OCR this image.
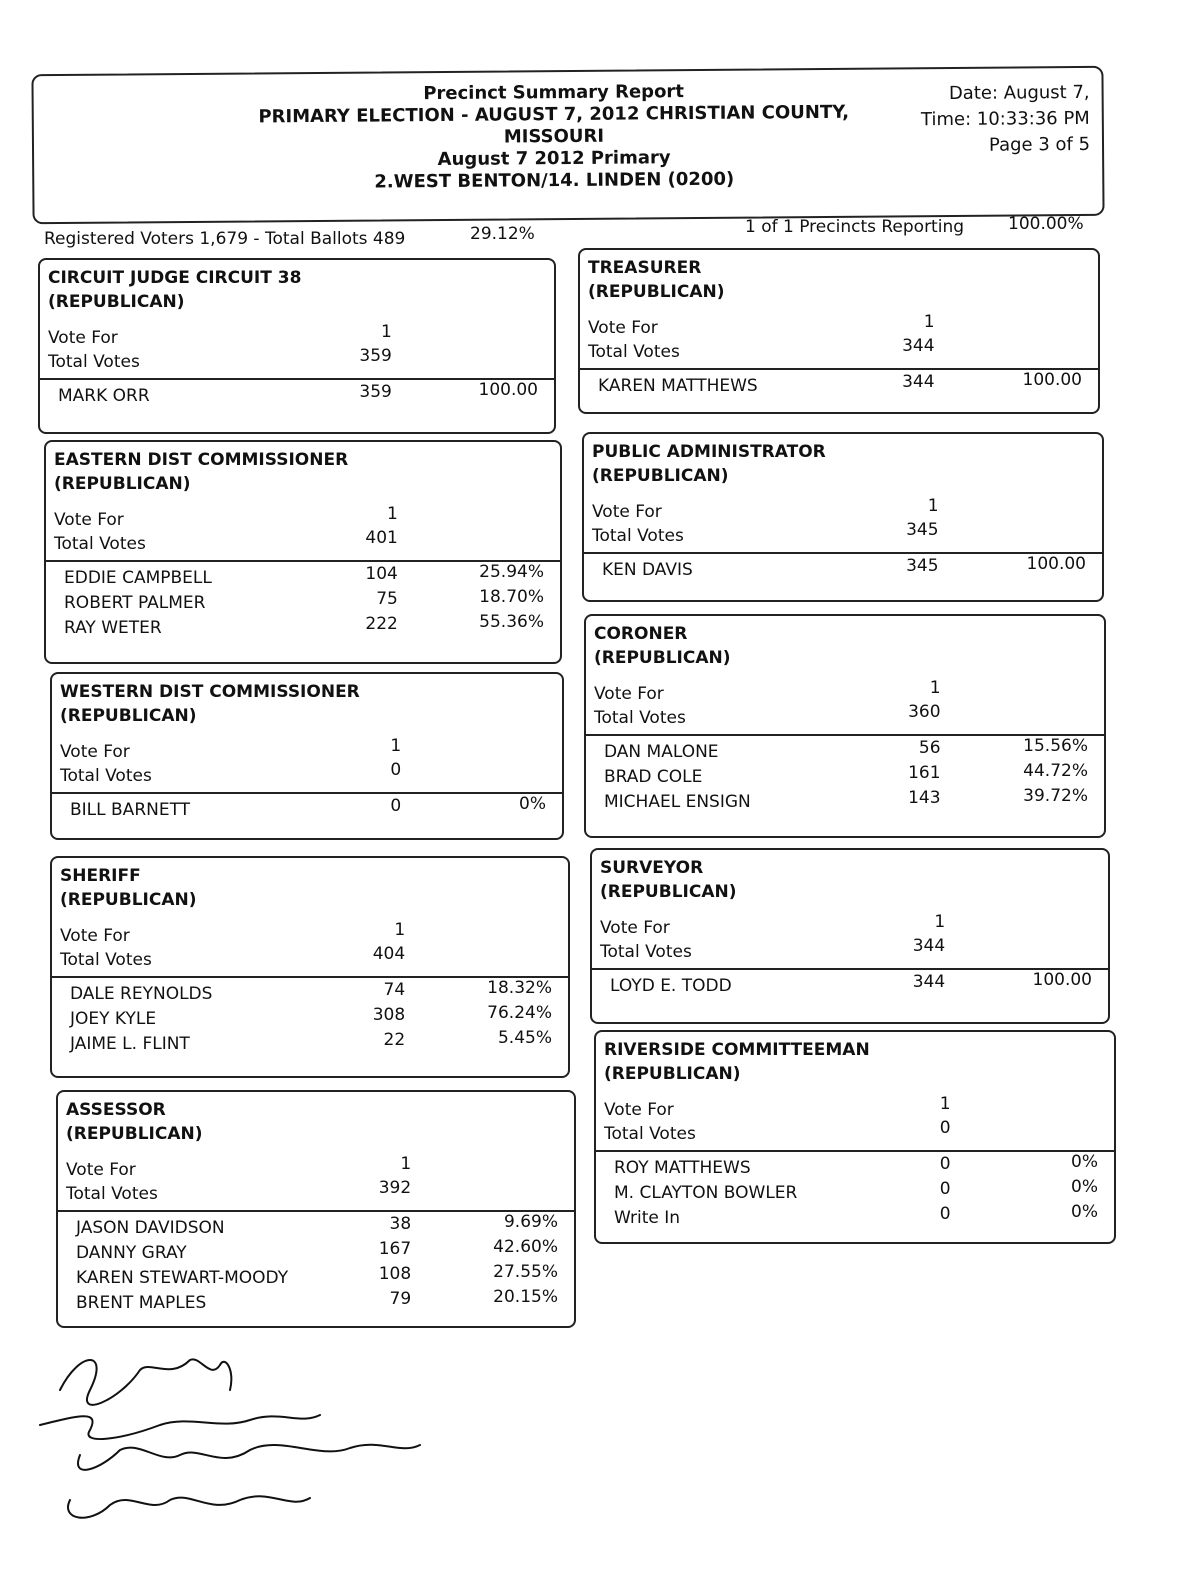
Precinct Summary Report
PRIMARY ELECTION - AUGUST 7, 2012 CHRISTIAN COUNTY,
MISSOURI
August 7 2012 Primary
2.WEST BENTON/14. LINDEN (0200)
Date: August 7,
Time: 10:33:36 PM
Page 3 of 5
Registered Voters 1,679 - Total Ballots 489	29.12%	1 of 1 Precincts Reporting	100.00%
CIRCUIT JUDGE CIRCUIT 38
(REPUBLICAN)
Vote For	1
Total Votes	359
MARK ORR	359	100.00
EASTERN DIST COMMISSIONER
(REPUBLICAN)
Vote For	1
Total Votes	401
EDDIE CAMPBELL	104	25.94%
ROBERT PALMER	75	18.70%
RAY WETER	222	55.36%
WESTERN DIST COMMISSIONER
(REPUBLICAN)
Vote For	1
Total Votes	0
BILL BARNETT	0	0%
SHERIFF
(REPUBLICAN)
Vote For	1
Total Votes	404
DALE REYNOLDS	74	18.32%
JOEY KYLE	308	76.24%
JAIME L. FLINT	22	5.45%
ASSESSOR
(REPUBLICAN)
Vote For	1
Total Votes	392
JASON DAVIDSON	38	9.69%
DANNY GRAY	167	42.60%
KAREN STEWART-MOODY	108	27.55%
BRENT MAPLES	79	20.15%
TREASURER
(REPUBLICAN)
Vote For	1
Total Votes	344
KAREN MATTHEWS	344	100.00
PUBLIC ADMINISTRATOR
(REPUBLICAN)
Vote For	1
Total Votes	345
KEN DAVIS	345	100.00
CORONER
(REPUBLICAN)
Vote For	1
Total Votes	360
DAN MALONE	56	15.56%
BRAD COLE	161	44.72%
MICHAEL ENSIGN	143	39.72%
SURVEYOR
(REPUBLICAN)
Vote For	1
Total Votes	344
LOYD E. TODD	344	100.00
RIVERSIDE COMMITTEEMAN
(REPUBLICAN)
Vote For	1
Total Votes	0
ROY MATTHEWS	0	0%
M. CLAYTON BOWLER	0	0%
Write In	0	0%
